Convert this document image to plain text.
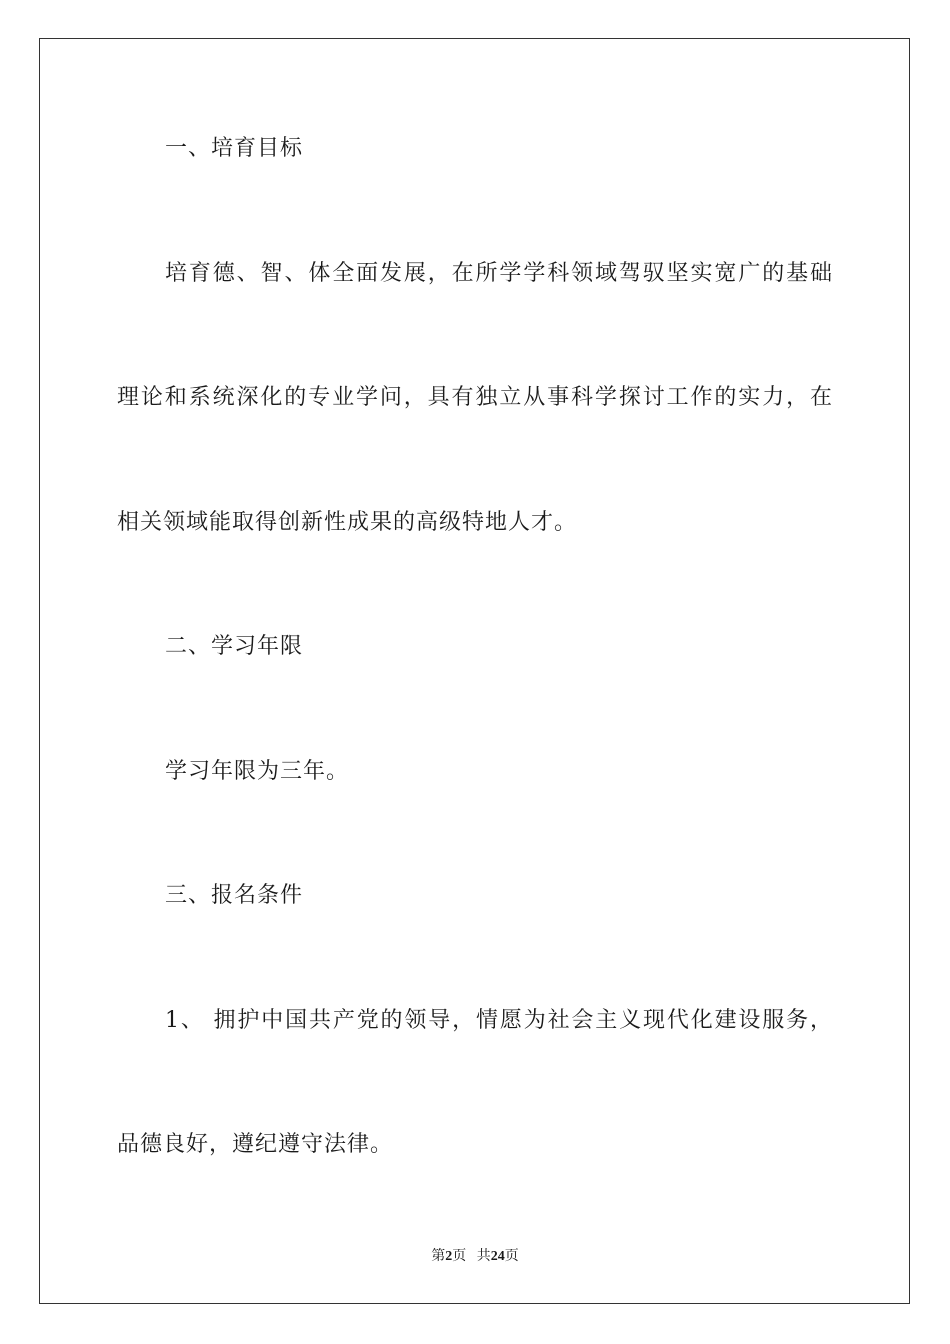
一、培育目标
培育德、智、体全面发展，在所学学科领域驾驭坚实宽广的基础
理论和系统深化的专业学问，具有独立从事科学探讨工作的实力，在
相关领域能取得创新性成果的高级特地人才。
二、学习年限
学习年限为三年。
三、报名条件
1、 拥护中国共产党的领导，情愿为社会主义现代化建设服务，
品德良好，遵纪遵守法律。
第2页 共24页
